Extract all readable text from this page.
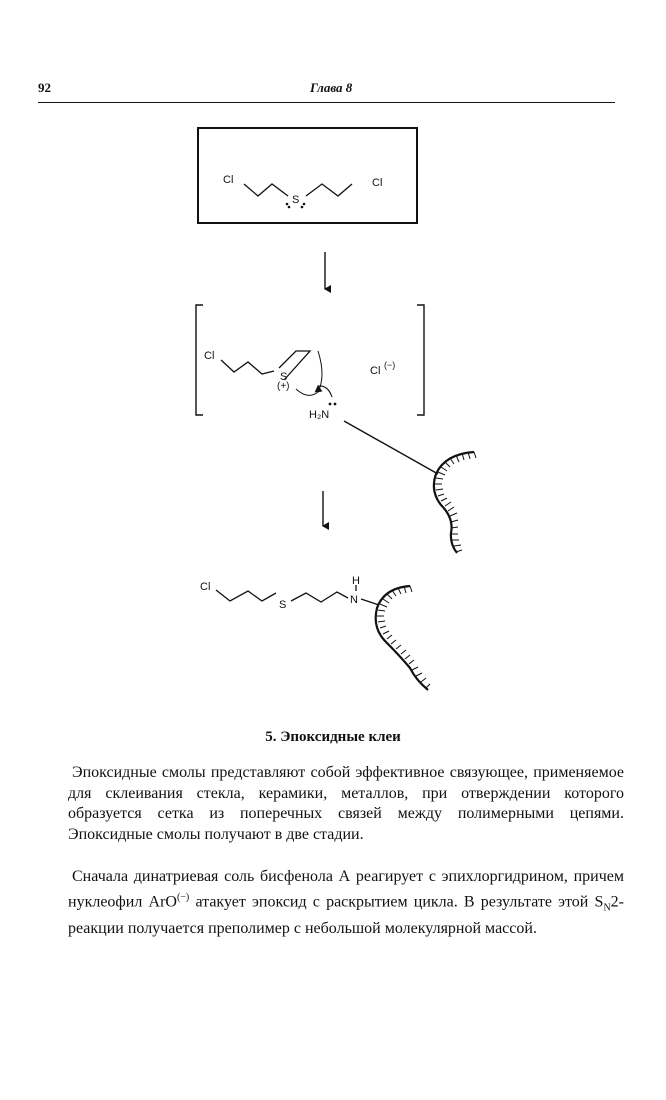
92	Глава 8
Cl
S
Cl
Cl
S
(+)
Cl (−)
H₂N
Cl
S	N
H
5. Эпоксидные клеи

Эпоксидные смолы представляют собой эффективное связующее, применяемое для склеивания стекла, керамики, металлов, при отверждении которого образуется сетка из поперечных связей между полимерными цепями. Эпоксидные смолы получают в две стадии.

Сначала динатриевая соль бисфенола А реагирует с эпихлоргидрином, причем нуклеофил ArO(−) атакует эпоксид с раскрытием цикла. В результате этой $S_N2$-реакции получается преполимер с небольшой молекулярной массой.
